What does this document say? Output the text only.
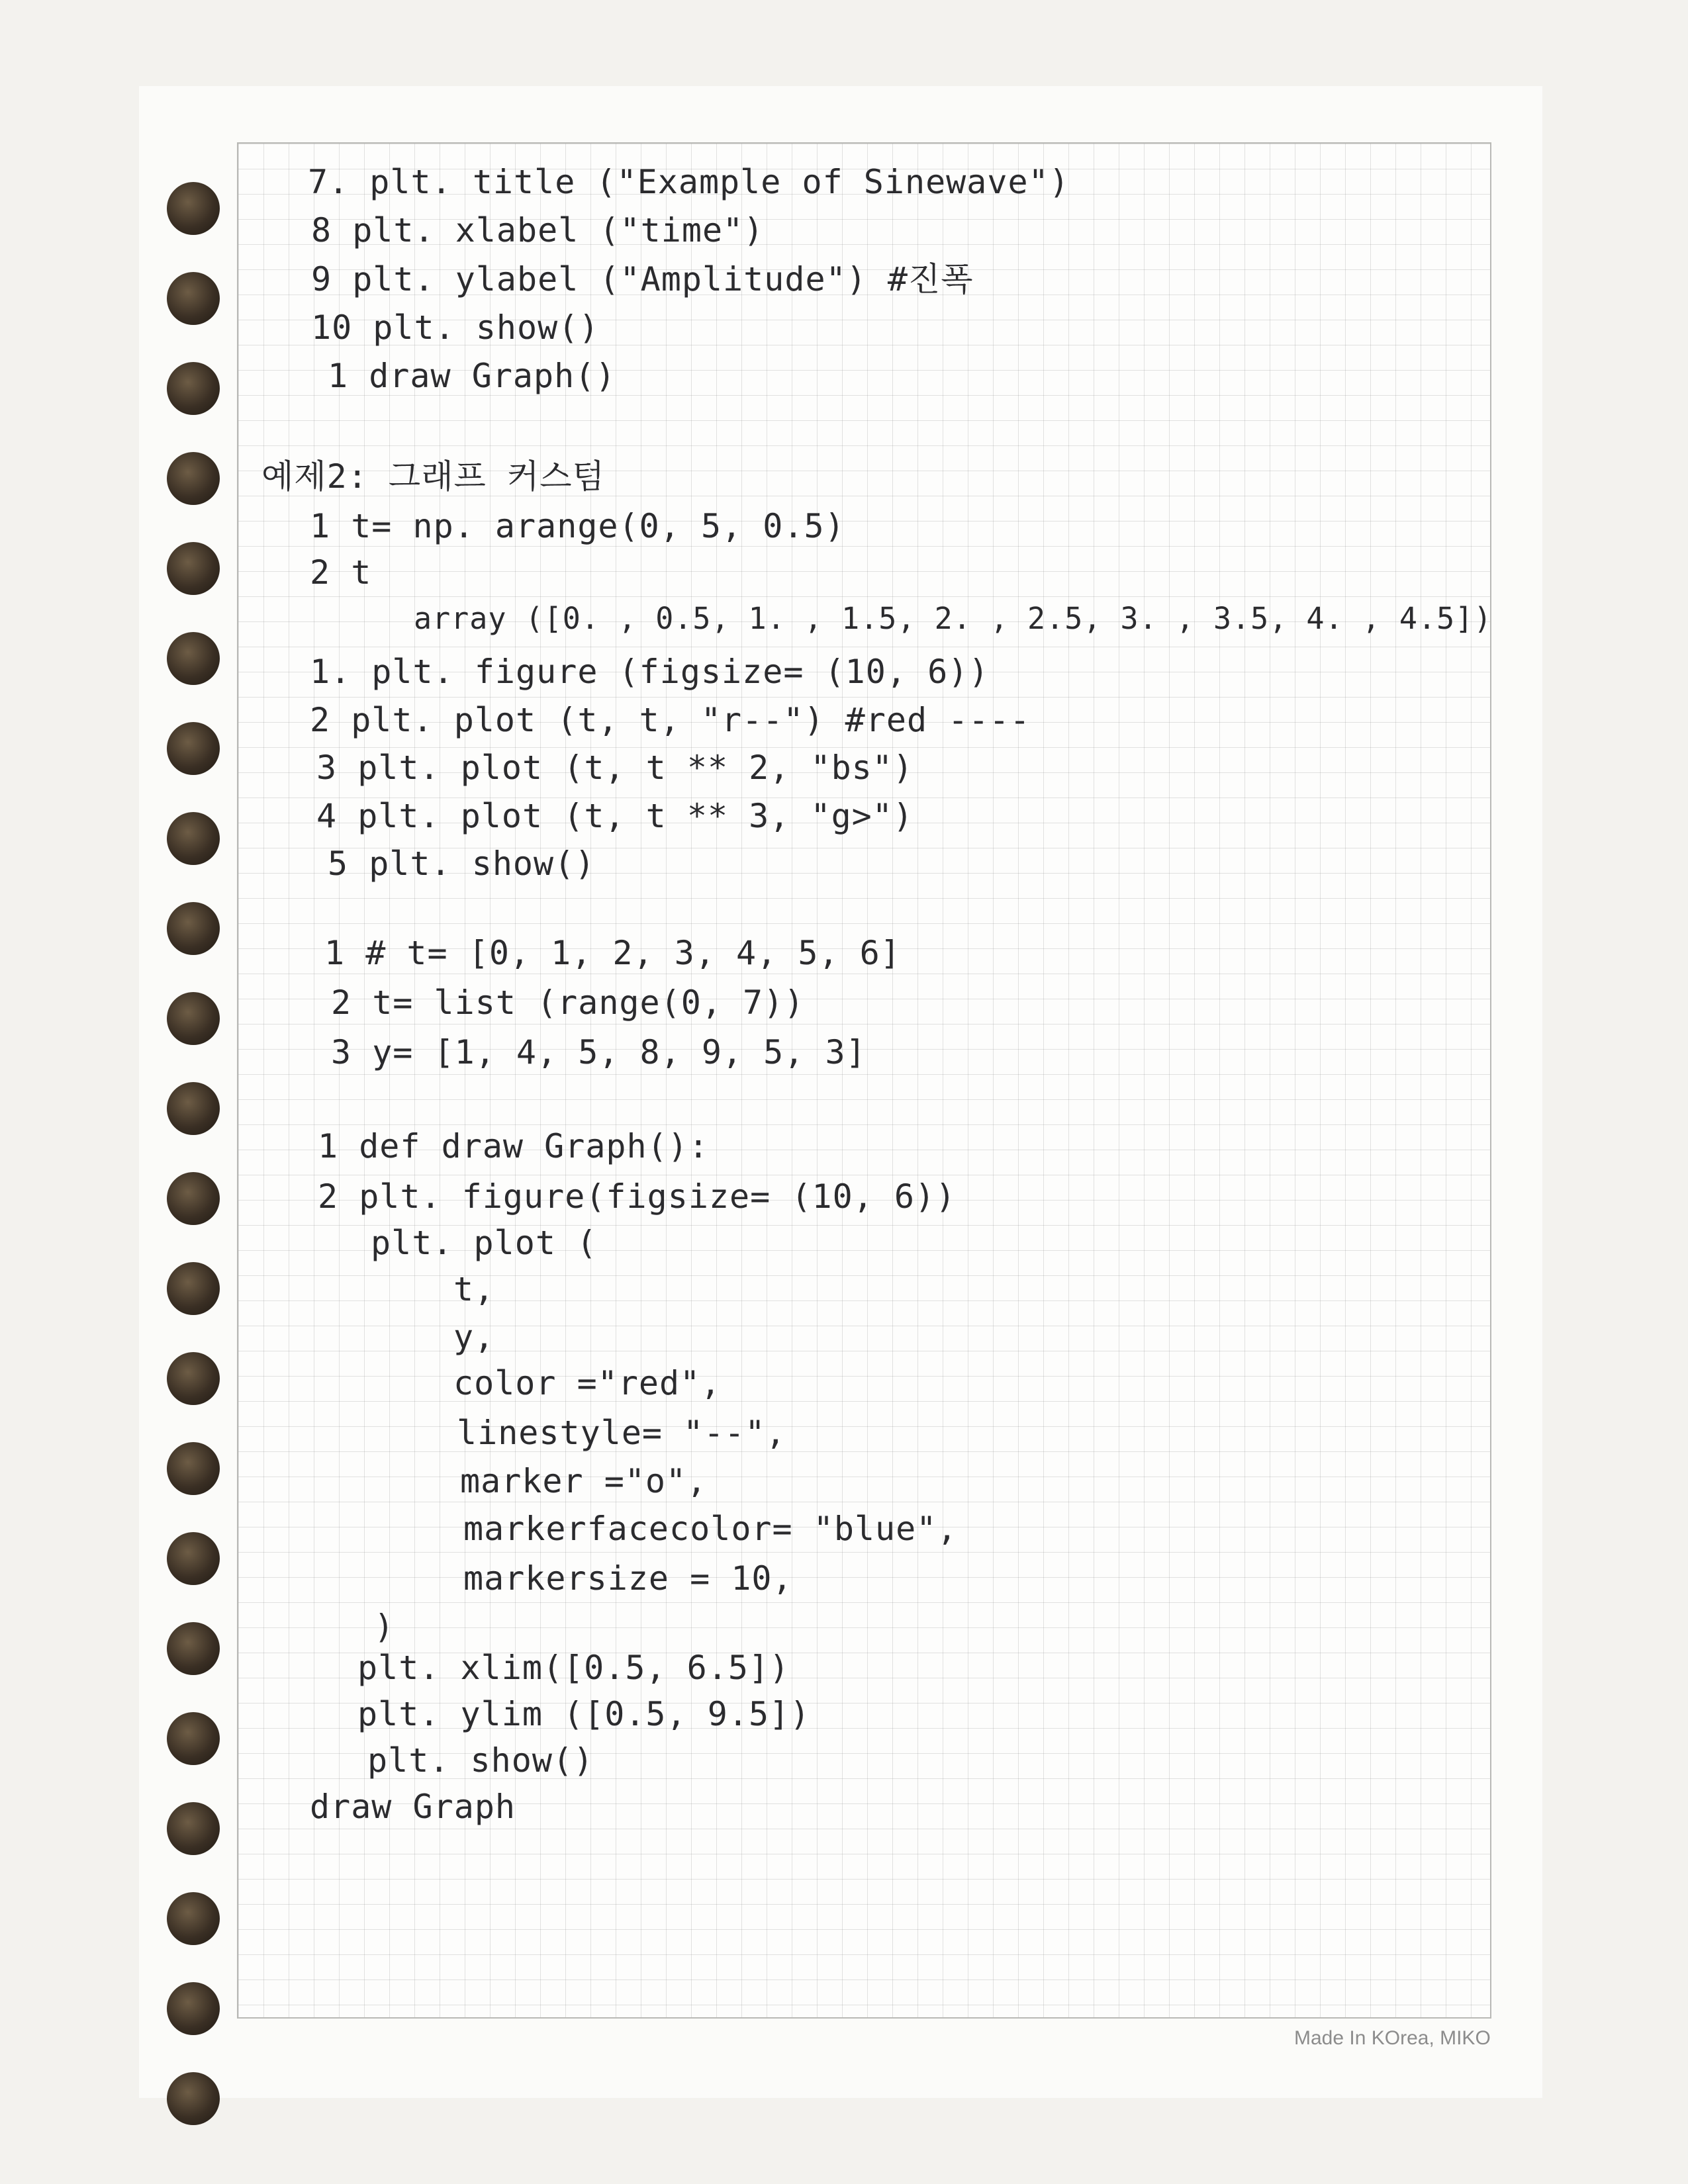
7. plt. title ("Example of Sinewave")
8 plt. xlabel ("time")
9 plt. ylabel ("Amplitude") #진폭
10 plt. show()
1 draw Graph()
예제2: 그래프 커스텀
1 t= np. arange(0, 5, 0.5)
2 t
array ([0. , 0.5, 1. , 1.5, 2. , 2.5, 3. , 3.5, 4. , 4.5])
1. plt. figure (figsize= (10, 6))
2 plt. plot (t, t, "r--") #red ----
3 plt. plot (t, t ** 2, "bs")
4 plt. plot (t, t ** 3, "g>")
5 plt. show()
1 # t= [0, 1, 2, 3, 4, 5, 6]
2 t= list (range(0, 7))
3 y= [1, 4, 5, 8, 9, 5, 3]
1 def draw Graph():
2 plt. figure(figsize= (10, 6))
plt. plot (
t,
y,
color ="red",
linestyle= "--",
marker ="o",
markerfacecolor= "blue",
markersize = 10,
)
plt. xlim([0.5, 6.5])
plt. ylim ([0.5, 9.5])
plt. show()
draw Graph
Made In KOrea, MIKO
